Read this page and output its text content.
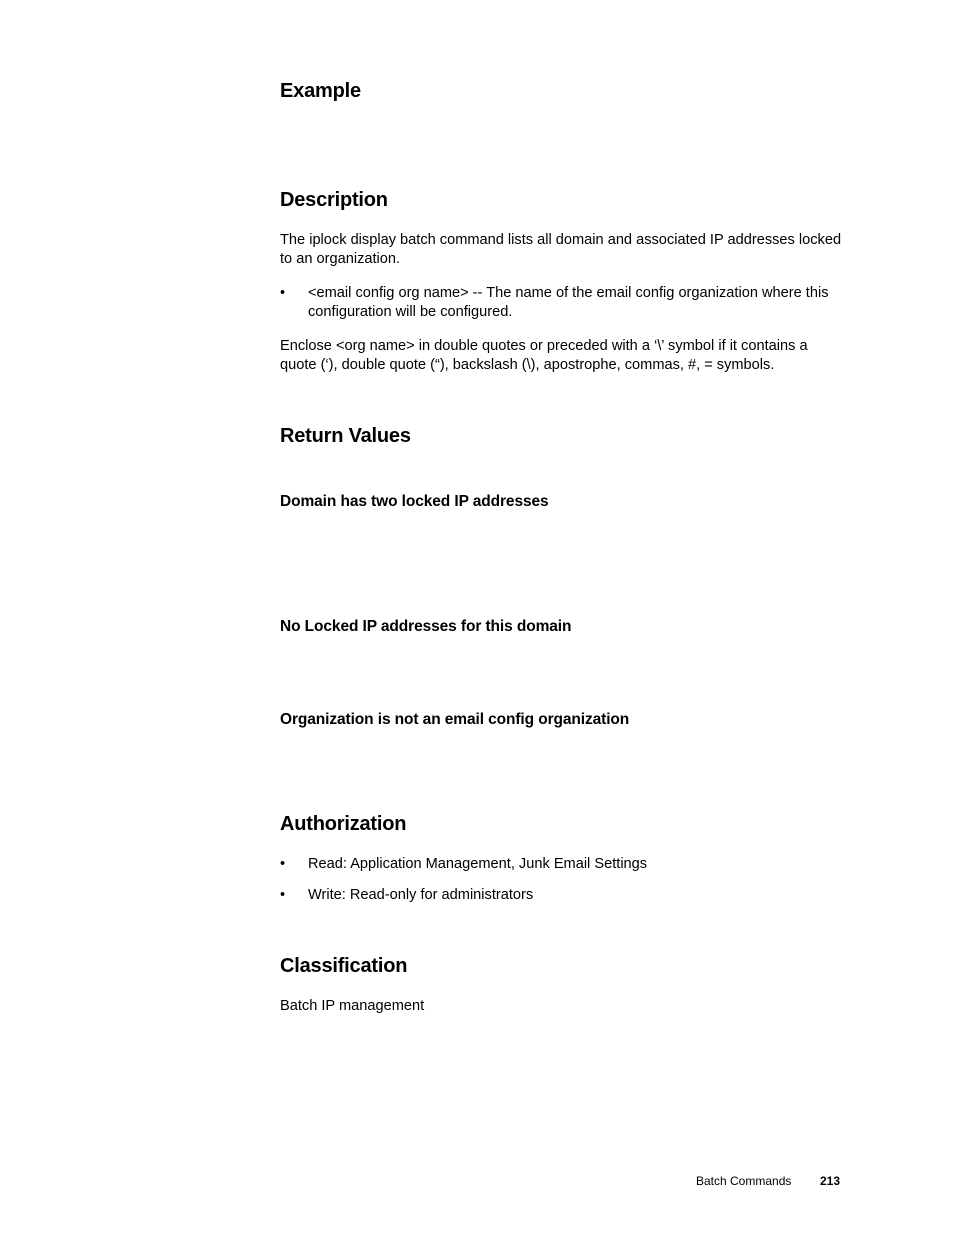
Example
Description

The iplock display batch command lists all domain and associated IP addresses locked to an organization.

• <email config org name> -- The name of the email config organization where this configuration will be configured.

Enclose <org name> in double quotes or preceded with a ‘\’ symbol if it contains a quote (‘), double quote (“), backslash (\), apostrophe, commas, #, = symbols.

Return Values
Domain has two locked IP addresses
No Locked IP addresses for this domain
Organization is not an email config organization
Authorization
• Read: Application Management, Junk Email Settings
• Write: Read-only for administrators
Classification

Batch IP management

Batch Commands 213
